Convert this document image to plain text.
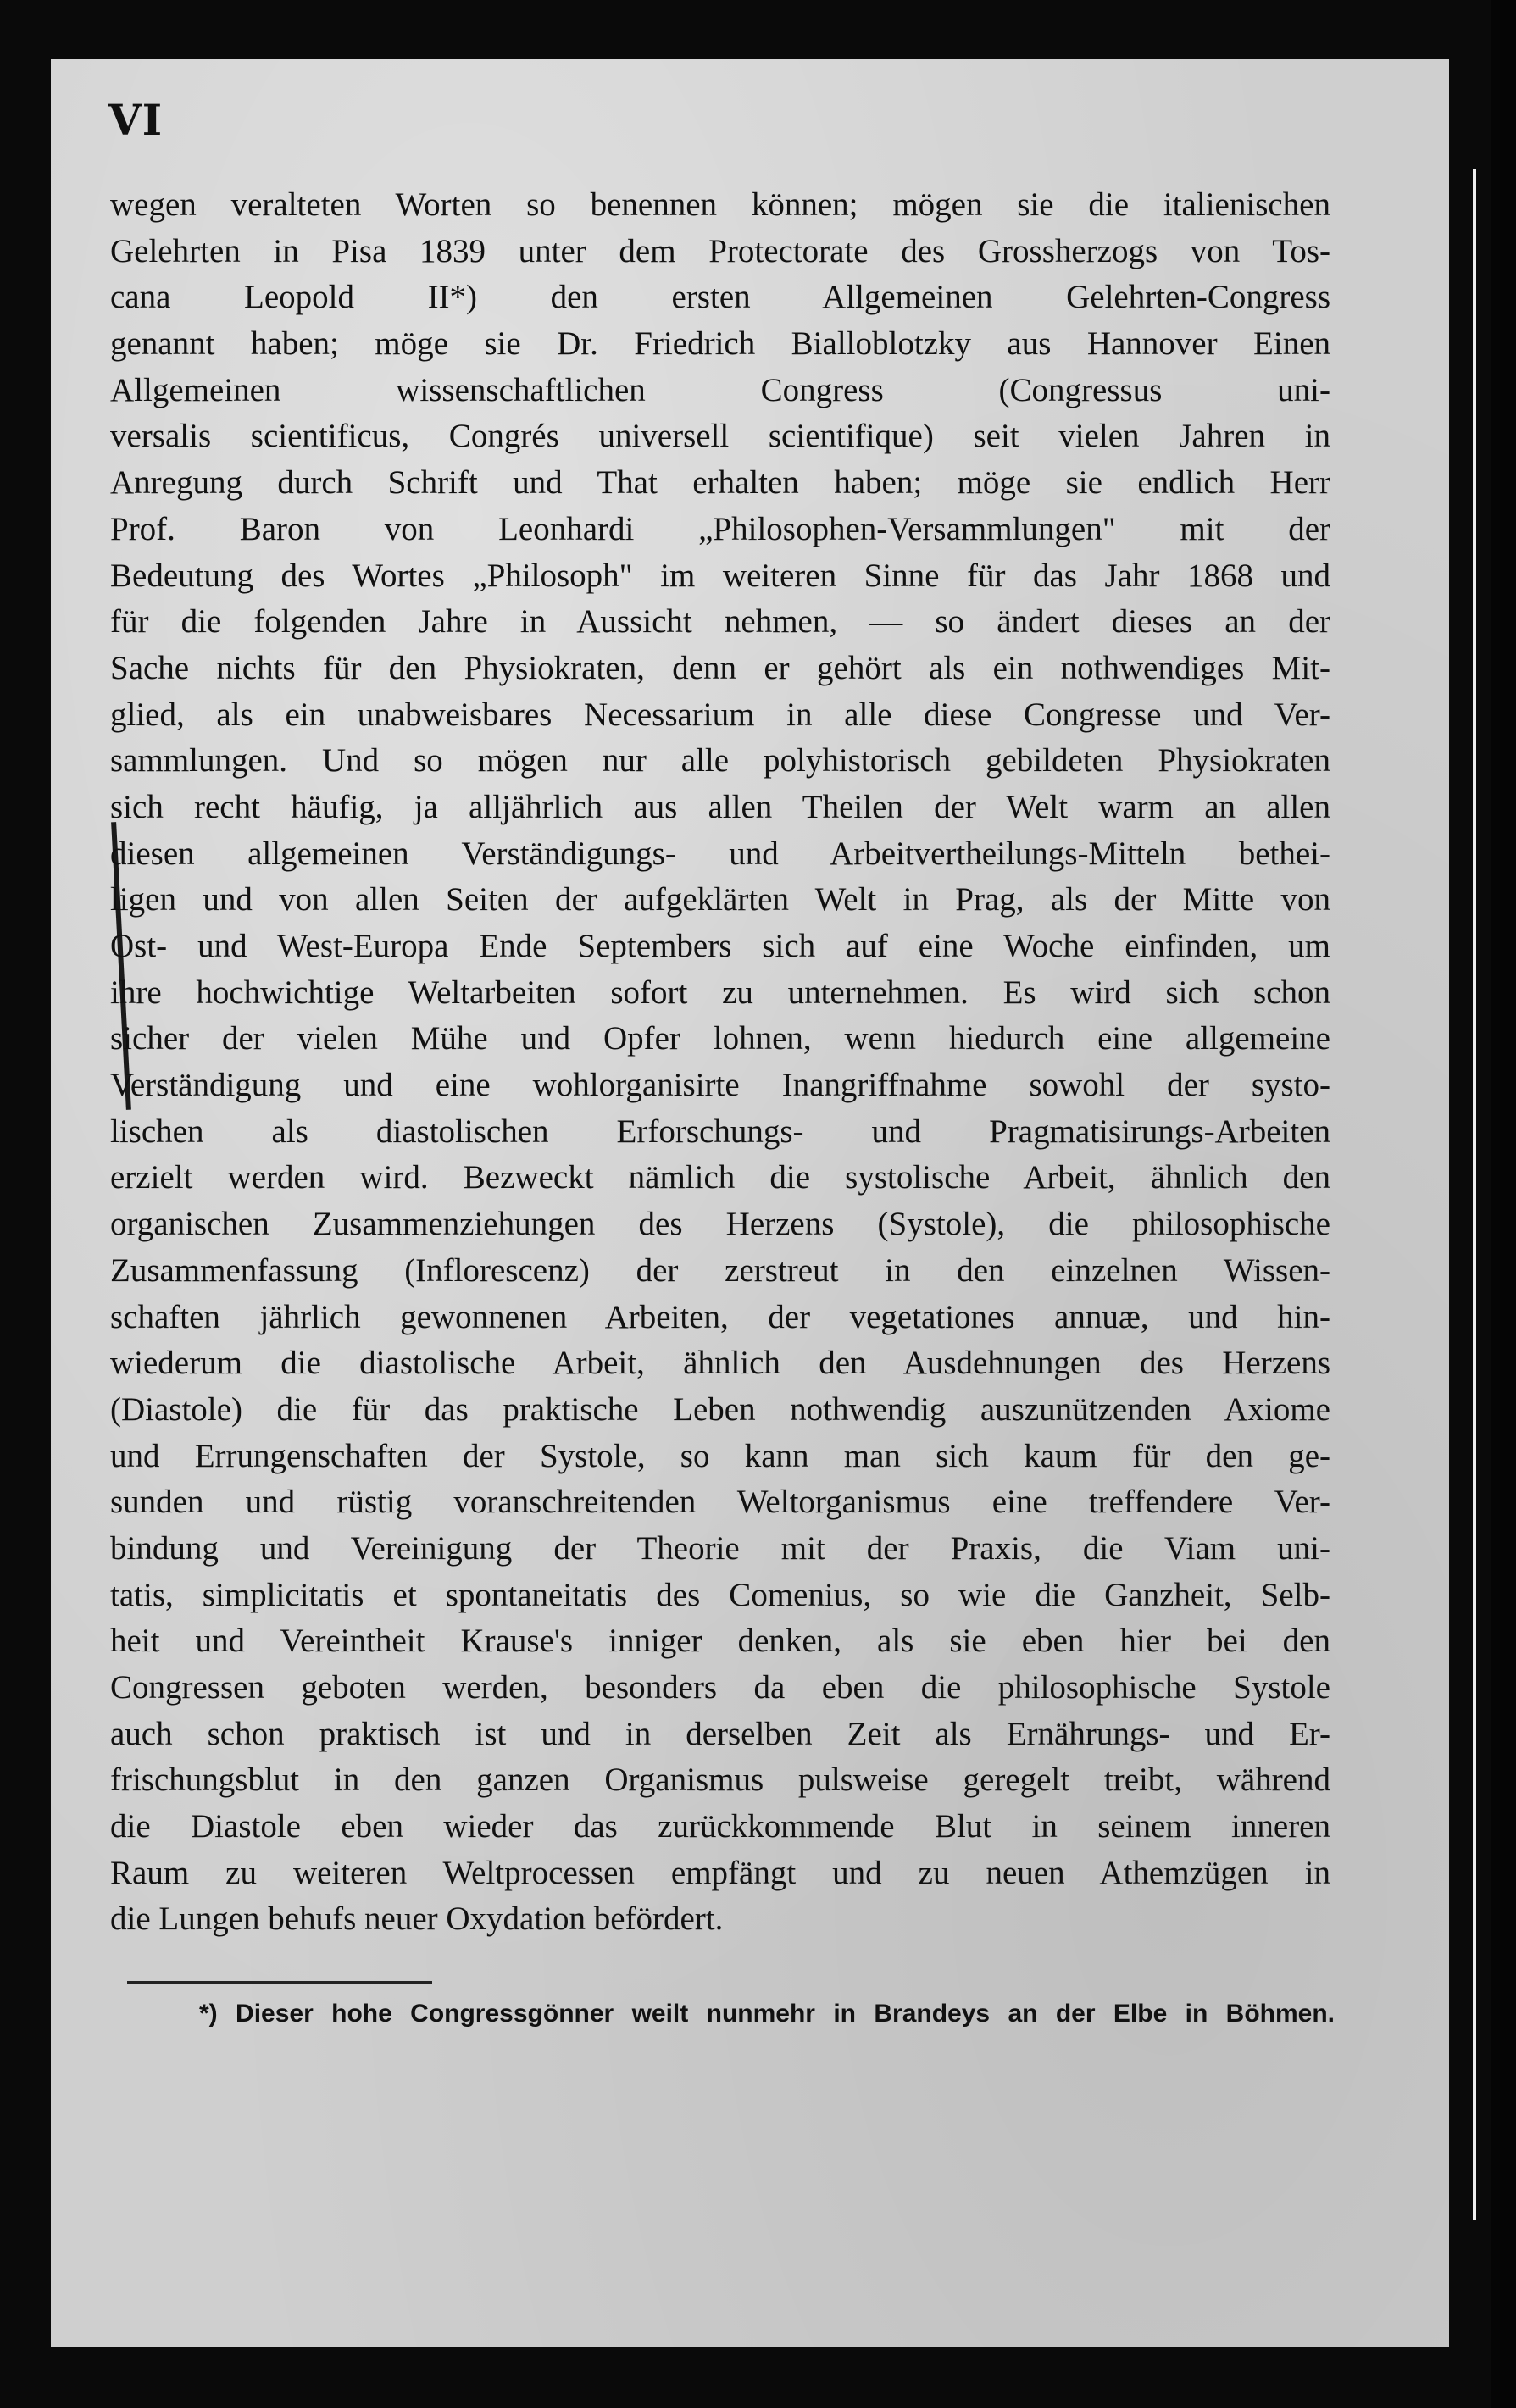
VI
wegen veralteten Worten so benennen können; mögen sie die italienischen
Gelehrten in Pisa 1839 unter dem Protectorate des Grossherzogs von Tos-
cana Leopold II*) den ersten Allgemeinen Gelehrten-Congress
genannt haben; möge sie Dr. Friedrich Bialloblotzky aus Hannover Einen
Allgemeinen wissenschaftlichen Congress (Congressus uni-
versalis scientificus, Congrés universell scientifique) seit vielen Jahren in
Anregung durch Schrift und That erhalten haben; möge sie endlich Herr
Prof. Baron von Leonhardi „Philosophen-Versammlungen" mit der
Bedeutung des Wortes „Philosoph" im weiteren Sinne für das Jahr 1868 und
für die folgenden Jahre in Aussicht nehmen, — so ändert dieses an der
Sache nichts für den Physiokraten, denn er gehört als ein nothwendiges Mit-
glied, als ein unabweisbares Necessarium in alle diese Congresse und Ver-
sammlungen. Und so mögen nur alle polyhistorisch gebildeten Physiokraten
sich recht häufig, ja alljährlich aus allen Theilen der Welt warm an allen
diesen allgemeinen Verständigungs- und Arbeitvertheilungs-Mitteln bethei-
ligen und von allen Seiten der aufgeklärten Welt in Prag, als der Mitte von
Ost- und West-Europa Ende Septembers sich auf eine Woche einfinden, um
ihre hochwichtige Weltarbeiten sofort zu unternehmen. Es wird sich schon
sicher der vielen Mühe und Opfer lohnen, wenn hiedurch eine allgemeine
Verständigung und eine wohlorganisirte Inangriffnahme sowohl der systo-
lischen als diastolischen Erforschungs- und Pragmatisirungs-Arbeiten
erzielt werden wird. Bezweckt nämlich die systolische Arbeit, ähnlich den
organischen Zusammenziehungen des Herzens (Systole), die philosophische
Zusammenfassung (Inflorescenz) der zerstreut in den einzelnen Wissen-
schaften jährlich gewonnenen Arbeiten, der vegetationes annuæ, und hin-
wiederum die diastolische Arbeit, ähnlich den Ausdehnungen des Herzens
(Diastole) die für das praktische Leben nothwendig auszunützenden Axiome
und Errungenschaften der Systole, so kann man sich kaum für den ge-
sunden und rüstig voranschreitenden Weltorganismus eine treffendere Ver-
bindung und Vereinigung der Theorie mit der Praxis, die Viam uni-
tatis, simplicitatis et spontaneitatis des Comenius, so wie die Ganzheit, Selb-
heit und Vereintheit Krause's inniger denken, als sie eben hier bei den
Congressen geboten werden, besonders da eben die philosophische Systole
auch schon praktisch ist und in derselben Zeit als Ernährungs- und Er-
frischungsblut in den ganzen Organismus pulsweise geregelt treibt, während
die Diastole eben wieder das zurückkommende Blut in seinem inneren
Raum zu weiteren Weltprocessen empfängt und zu neuen Athemzügen in
die Lungen behufs neuer Oxydation befördert.
*) Dieser hohe Congressgönner weilt nunmehr in Brandeys an der Elbe in Böhmen.
